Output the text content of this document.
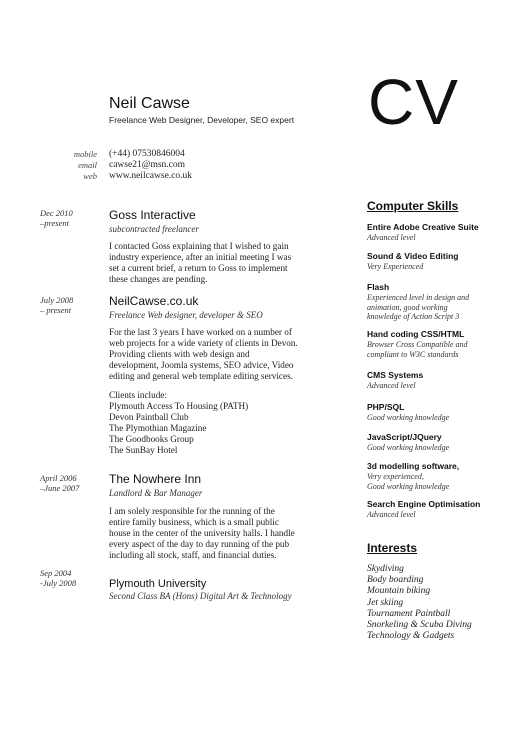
Neil Cawse
Freelance Web Designer, Developer, SEO expert CV
mobile
email
web
(+44) 07530846004
cawse21@msn.com
www.neilcawse.co.uk
Dec 2010
–present
Goss Interactive
subcontracted freelancer
I contacted Goss explaining that I wished to gain
industry experience, after an initial meeting I was
set a current brief, a return to Goss to implement
these changes are pending.
July 2008
– present
NeilCawse.co.uk
Freelance Web designer, developer & SEO
For the last 3 years I have worked on a number of
web projects for a wide variety of clients in Devon.
Providing clients with web design and
development, Joomla systems, SEO advice, Video
editing and general web template editing services.
Clients include:
Plymouth Access To Housing (PATH)
Devon Paintball Club
The Plymothian Magazine
The Goodbooks Group
The SunBay Hotel
April 2006
–June 2007
The Nowhere Inn
Landlord & Bar Manager
I am solely responsible for the running of the
entire family business, which is a small public
house in the center of the university halls. I handle
every aspect of the day to day running of the pub
including all stock, staff, and financial duties.
Sep 2004
-July 2008	Plymouth University
Second Class BA (Hons) Digital Art & Technology
Computer Skills
Entire Adobe Creative Suite
Advanced level
Sound & Video Editing
Very Experienced
Flash
Experienced level in design and
animation, good working
knowledge of Action Script 3
Hand coding CSS/HTML
Browser Cross Compatible and
compliant to W3C standards
CMS Systems
Advanced level
PHP/SQL
Good working knowledge
JavaScript/JQuery
Good working knowledge
3d modelling software,
Very experienced,
Good working knowledge
Search Engine Optimisation
Advanced level
Interests
Skydiving
Body boarding
Mountain biking
Jet skiing
Tournament Paintball
Snorkeling & Scuba Diving
Technology & Gadgets
